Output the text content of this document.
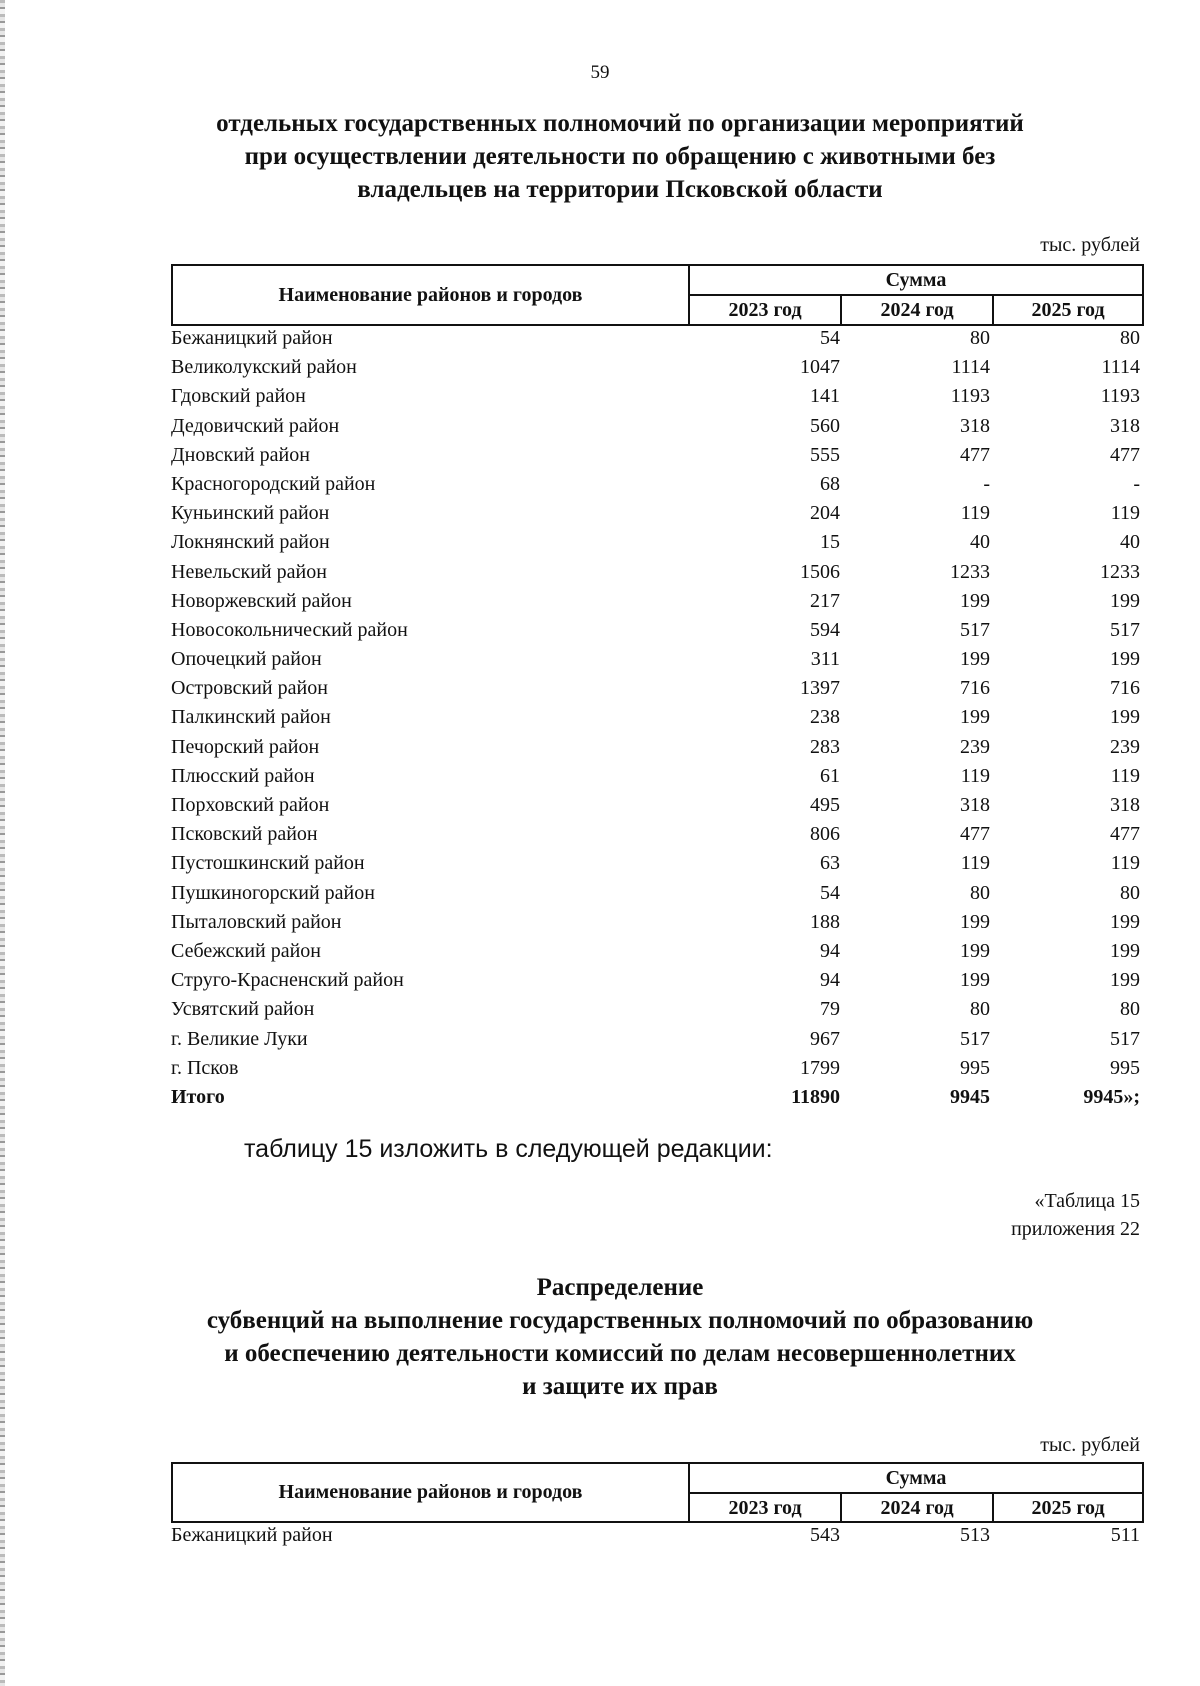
59
отдельных государственных полномочий по организации мероприятий
при осуществлении деятельности по обращению с животными без
владельцев на территории Псковской области
тыс. рублей
Наименование районов и городов
Сумма
2023 год	2024 год	2025 год
Бежаницкий район	54	80	80
Великолукский район	1047	1114	1114
Гдовский район	141	1193	1193
Дедовичский район	560	318	318
Дновский район	555	477	477
Красногородский район	68	-	-
Куньинский район	204	119	119
Локнянский район	15	40	40
Невельский район	1506	1233	1233
Новоржевский район	217	199	199
Новосокольнический район	594	517	517
Опочецкий район	311	199	199
Островский район	1397	716	716
Палкинский район	238	199	199
Печорский район	283	239	239
Плюсский район	61	119	119
Порховский район	495	318	318
Псковский район	806	477	477
Пустошкинский район	63	119	119
Пушкиногорский район	54	80	80
Пыталовский район	188	199	199
Себежский район	94	199	199
Струго-Красненский район	94	199	199
Усвятский район	79	80	80
г. Великие Луки	967	517	517
г. Псков	1799	995	995
Итого	11890	9945	9945»;
таблицу 15 изложить в следующей редакции:
«Таблица 15
приложения 22
Распределение
субвенций на выполнение государственных полномочий по образованию
и обеспечению деятельности комиссий по делам несовершеннолетних
и защите их прав
тыс. рублей
Наименование районов и городов
Сумма
2023 год	2024 год	2025 год
Бежаницкий район	543	513	511
